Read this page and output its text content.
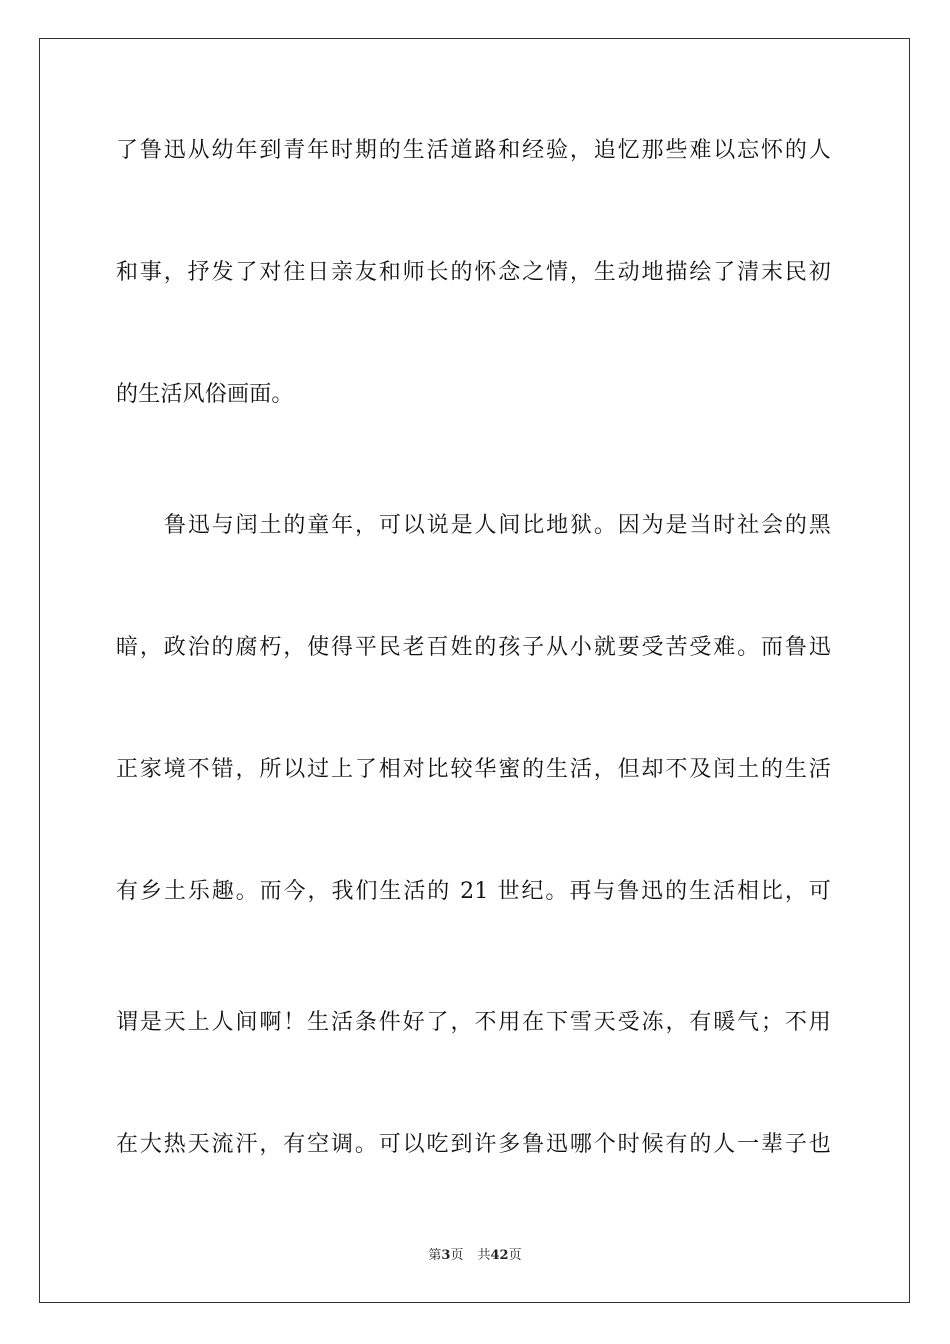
了鲁迅从幼年到青年时期的生活道路和经验，追忆那些难以忘怀的人
和事，抒发了对往日亲友和师长的怀念之情，生动地描绘了清末民初
的生活风俗画面。
鲁迅与闰土的童年，可以说是人间比地狱。因为是当时社会的黑
暗，政治的腐朽，使得平民老百姓的孩子从小就要受苦受难。而鲁迅
正家境不错，所以过上了相对比较华蜜的生活，但却不及闰土的生活
有乡土乐趣。而今，我们生活的 21 世纪。再与鲁迅的生活相比，可
谓是天上人间啊！生活条件好了，不用在下雪天受冻，有暖气；不用
在大热天流汗，有空调。可以吃到许多鲁迅哪个时候有的人一辈子也
第3页 共42页
